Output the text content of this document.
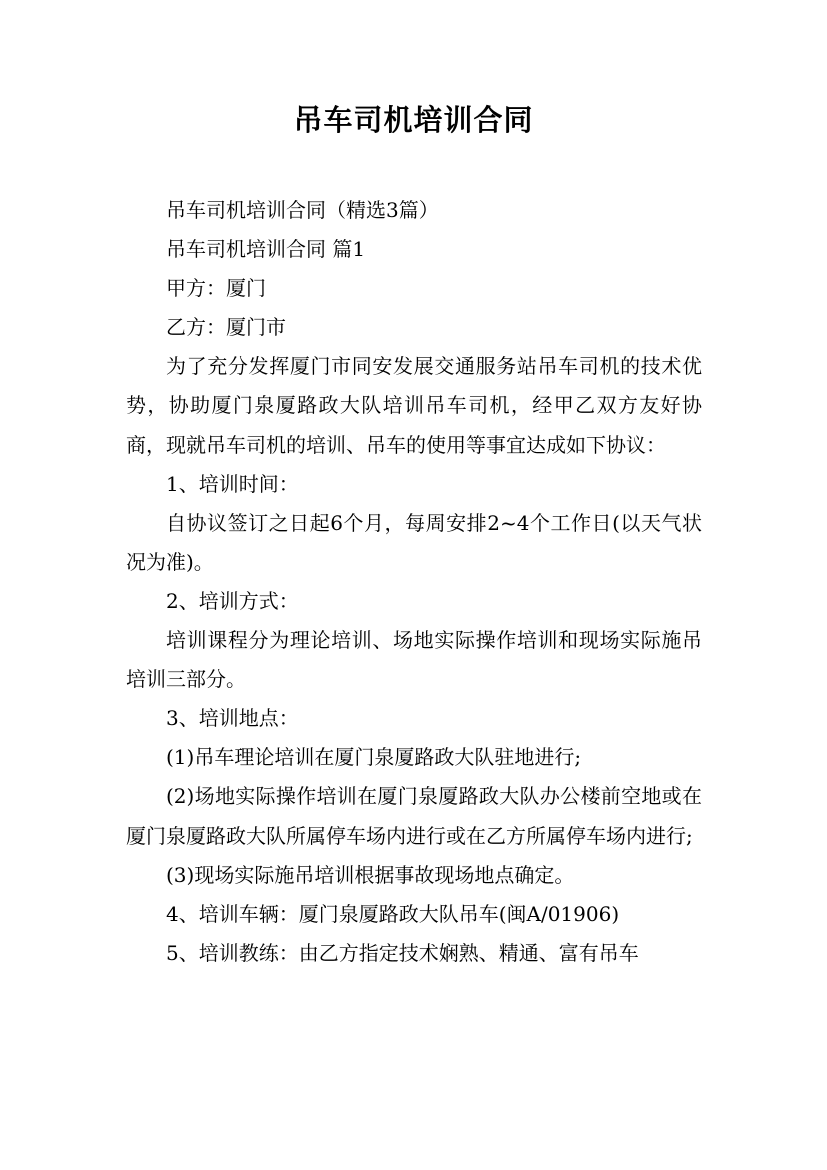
吊车司机培训合同

吊车司机培训合同（精选3篇）

吊车司机培训合同 篇1

甲方：厦门

乙方：厦门市

为了充分发挥厦门市同安发展交通服务站吊车司机的技术优势，协助厦门泉厦路政大队培训吊车司机，经甲乙双方友好协商，现就吊车司机的培训、吊车的使用等事宜达成如下协议：

1、培训时间：

自协议签订之日起6个月，每周安排2~4个工作日(以天气状况为准)。

2、培训方式：

培训课程分为理论培训、场地实际操作培训和现场实际施吊培训三部分。

3、培训地点：

(1)吊车理论培训在厦门泉厦路政大队驻地进行;

(2)场地实际操作培训在厦门泉厦路政大队办公楼前空地或在厦门泉厦路政大队所属停车场内进行或在乙方所属停车场内进行;

(3)现场实际施吊培训根据事故现场地点确定。

4、培训车辆：厦门泉厦路政大队吊车(闽A/01906)

5、培训教练：由乙方指定技术娴熟、精通、富有吊车
